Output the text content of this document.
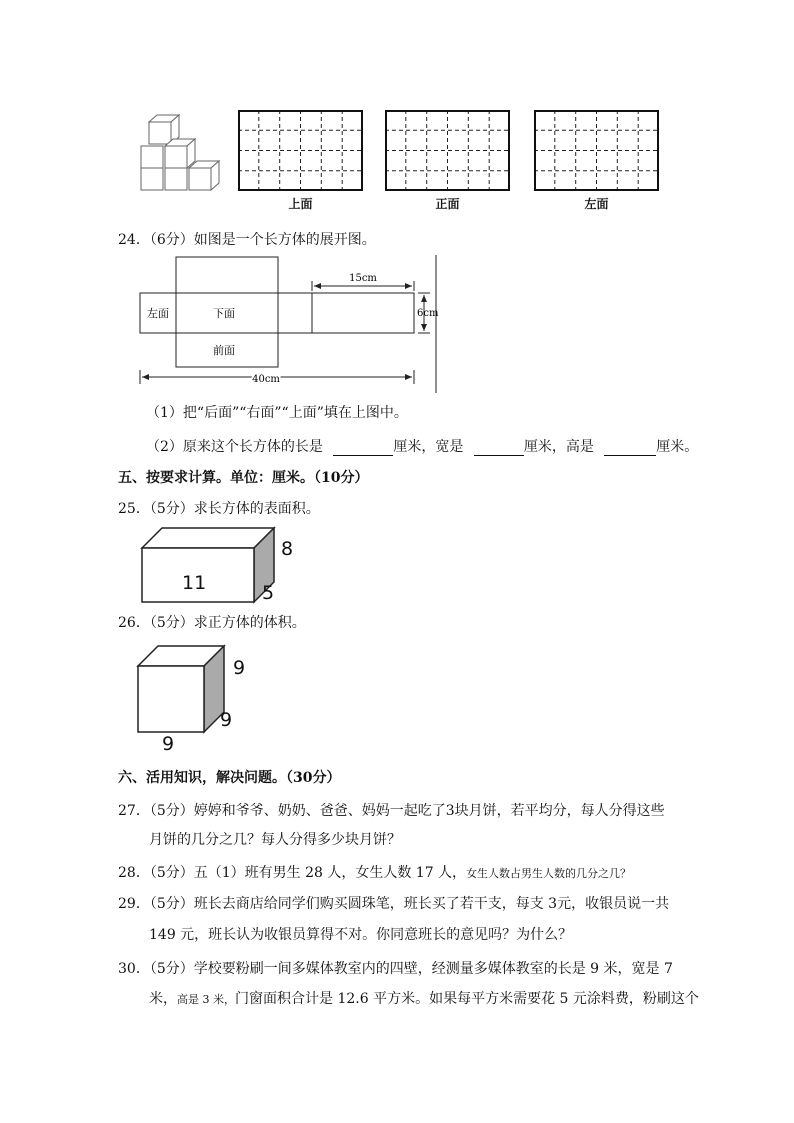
上面	正面	左面
24．（6分）如图是一个长方体的展开图。
左面	下面
前面
15cm
6cm
40cm
（1）把“后面”“右面”“上面”填在上图中。
（2）原来这个长方体的长是	厘米，宽是	厘米，高是	厘米。
五、按要求计算。单位：厘米。（10分）
25．（5分）求长方体的表面积。
11
8
5
26．（5分）求正方体的体积。
9
9
9
六、活用知识，解决问题。（30分）
27．（5分）婷婷和爷爷、奶奶、爸爸、妈妈一起吃了3块月饼，若平均分，每人分得这些
月饼的几分之几？每人分得多少块月饼？
28．（5分）五（1）班有男生 28 人，女生人数 17 人，女生人数占男生人数的几分之几？
29．（5分）班长去商店给同学们购买圆珠笔，班长买了若干支，每支 3元，收银员说一共
149 元，班长认为收银员算得不对。你同意班长的意见吗？为什么？
30．（5分）学校要粉刷一间多媒体教室内的四壁，经测量多媒体教室的长是 9 米，宽是 7
米，高是 3 米，门窗面积合计是 12.6 平方米。如果每平方米需要花 5 元涂料费，粉刷这个
